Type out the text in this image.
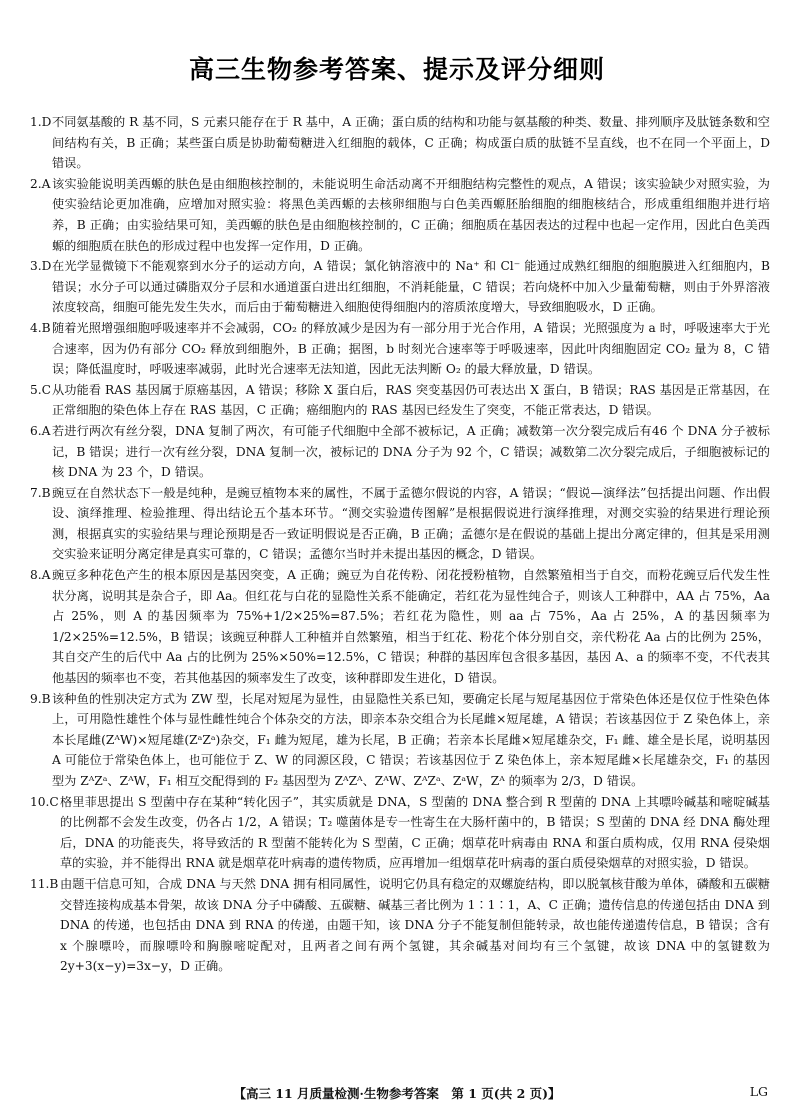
高三生物参考答案、提示及评分细则

1.D 不同氨基酸的 R 基不同，S 元素只能存在于 R 基中，A 正确；蛋白质的结构和功能与氨基酸的种类、数量、排列顺序及肽链条数和空间结构有关，B 正确；某些蛋白质是协助葡萄糖进入红细胞的载体，C 正确；构成蛋白质的肽链不呈直线，也不在同一个平面上，D 错误。

2.A 该实验能说明美西螈的肤色是由细胞核控制的，未能说明生命活动离不开细胞结构完整性的观点，A 错误；该实验缺少对照实验，为使实验结论更加准确，应增加对照实验：将黑色美西螈的去核卵细胞与白色美西螈胚胎细胞的细胞核结合，形成重组细胞并进行培养，B 正确；由实验结果可知，美西螈的肤色是由细胞核控制的，C 正确；细胞质在基因表达的过程中也起一定作用，因此白色美西螈的细胞质在肤色的形成过程中也发挥一定作用，D 正确。

3.D 在光学显微镜下不能观察到水分子的运动方向，A 错误；氯化钠溶液中的 Na⁺ 和 Cl⁻ 能通过成熟红细胞的细胞膜进入红细胞内，B 错误；水分子可以通过磷脂双分子层和水通道蛋白进出红细胞，不消耗能量，C 错误；若向烧杯中加入少量葡萄糖，则由于外界溶液浓度较高，细胞可能先发生失水，而后由于葡萄糖进入细胞使得细胞内的溶质浓度增大，导致细胞吸水，D 正确。

4.B 随着光照增强细胞呼吸速率并不会减弱，CO₂ 的释放减少是因为有一部分用于光合作用，A 错误；光照强度为 a 时，呼吸速率大于光合速率，因为仍有部分 CO₂ 释放到细胞外，B 正确；据图，b 时刻光合速率等于呼吸速率，因此叶肉细胞固定 CO₂ 量为 8，C 错误；降低温度时，呼吸速率减弱，此时光合速率无法知道，因此无法判断 O₂ 的最大释放量，D 错误。

5.C 从功能看 RAS 基因属于原癌基因，A 错误；移除 X 蛋白后，RAS 突变基因仍可表达出 X 蛋白，B 错误；RAS 基因是正常基因，在正常细胞的染色体上存在 RAS 基因，C 正确；癌细胞内的 RAS 基因已经发生了突变，不能正常表达，D 错误。

6.A 若进行两次有丝分裂，DNA 复制了两次，有可能子代细胞中全部不被标记，A 正确；减数第一次分裂完成后有46 个 DNA 分子被标记，B 错误；进行一次有丝分裂，DNA 复制一次，被标记的 DNA 分子为 92 个，C 错误；减数第二次分裂完成后，子细胞被标记的核 DNA 为 23 个，D 错误。

7.B 豌豆在自然状态下一般是纯种，是豌豆植物本来的属性，不属于孟德尔假说的内容，A 错误；“假说—演绎法”包括提出问题、作出假设、演绎推理、检验推理、得出结论五个基本环节。“测交实验遗传图解”是根据假说进行演绎推理，对测交实验的结果进行理论预测，根据真实的实验结果与理论预期是否一致证明假说是否正确，B 正确；孟德尔是在假说的基础上提出分离定律的，但其是采用测交实验来证明分离定律是真实可靠的，C 错误；孟德尔当时并未提出基因的概念，D 错误。

8.A 豌豆多种花色产生的根本原因是基因突变，A 正确；豌豆为自花传粉、闭花授粉植物，自然繁殖相当于自交，而粉花豌豆后代发生性状分离，说明其是杂合子，即 Aa。但红花与白花的显隐性关系不能确定，若红花为显性纯合子，则该人工种群中，AA 占 75%，Aa 占 25%，则 A 的基因频率为 75%+1/2×25%=87.5%；若红花为隐性，则 aa 占 75%，Aa 占 25%，A 的基因频率为 1/2×25%=12.5%，B 错误；该豌豆种群人工种植并自然繁殖，相当于红花、粉花个体分别自交，亲代粉花 Aa 占的比例为 25%，其自交产生的后代中 Aa 占的比例为 25%×50%=12.5%，C 错误；种群的基因库包含很多基因，基因 A、a 的频率不变，不代表其他基因的频率也不变，若其他基因的频率发生了改变，该种群即发生进化，D 错误。

9.B 该种鱼的性别决定方式为 ZW 型，长尾对短尾为显性，由显隐性关系已知，要确定长尾与短尾基因位于常染色体还是仅位于性染色体上，可用隐性雄性个体与显性雌性纯合个体杂交的方法，即亲本杂交组合为长尾雌×短尾雄，A 错误；若该基因位于 Z 染色体上，亲本长尾雌(ZᴬW)×短尾雄(ZᵃZᵃ)杂交，F₁ 雌为短尾，雄为长尾，B 正确；若亲本长尾雌×短尾雄杂交，F₁ 雌、雄全是长尾，说明基因 A 可能位于常染色体上，也可能位于 Z、W 的同源区段，C 错误；若该基因位于 Z 染色体上，亲本短尾雌×长尾雄杂交，F₁ 的基因型为 ZᴬZᵃ、ZᴬW，F₁ 相互交配得到的 F₂ 基因型为 ZᴬZᴬ、ZᴬW、ZᴬZᵃ、ZᵃW，Zᴬ 的频率为 2/3，D 错误。

10.C 格里菲思提出 S 型菌中存在某种“转化因子”，其实质就是 DNA，S 型菌的 DNA 整合到 R 型菌的 DNA 上其嘌呤碱基和嘧啶碱基的比例都不会发生改变，仍各占 1/2，A 错误；T₂ 噬菌体是专一性寄生在大肠杆菌中的，B 错误；S 型菌的 DNA 经 DNA 酶处理后，DNA 的功能丧失，将导致活的 R 型菌不能转化为 S 型菌，C 正确；烟草花叶病毒由 RNA 和蛋白质构成，仅用 RNA 侵染烟草的实验，并不能得出 RNA 就是烟草花叶病毒的遗传物质，应再增加一组烟草花叶病毒的蛋白质侵染烟草的对照实验，D 错误。

11.B 由题干信息可知，合成 DNA 与天然 DNA 拥有相同属性，说明它仍具有稳定的双螺旋结构，即以脱氧核苷酸为单体，磷酸和五碳糖交替连接构成基本骨架，故该 DNA 分子中磷酸、五碳糖、碱基三者比例为 1∶1∶1，A、C 正确；遗传信息的传递包括由 DNA 到 DNA 的传递，也包括由 DNA 到 RNA 的传递，由题干知，该 DNA 分子不能复制但能转录，故也能传递遗传信息，B 错误；含有 x 个腺嘌呤，而腺嘌呤和胸腺嘧啶配对，且两者之间有两个氢键，其余碱基对间均有三个氢键，故该 DNA 中的氢键数为 2y+3(x−y)=3x−y，D 正确。

【高三 11 月质量检测·生物参考答案　第 1 页(共 2 页)】	LG
